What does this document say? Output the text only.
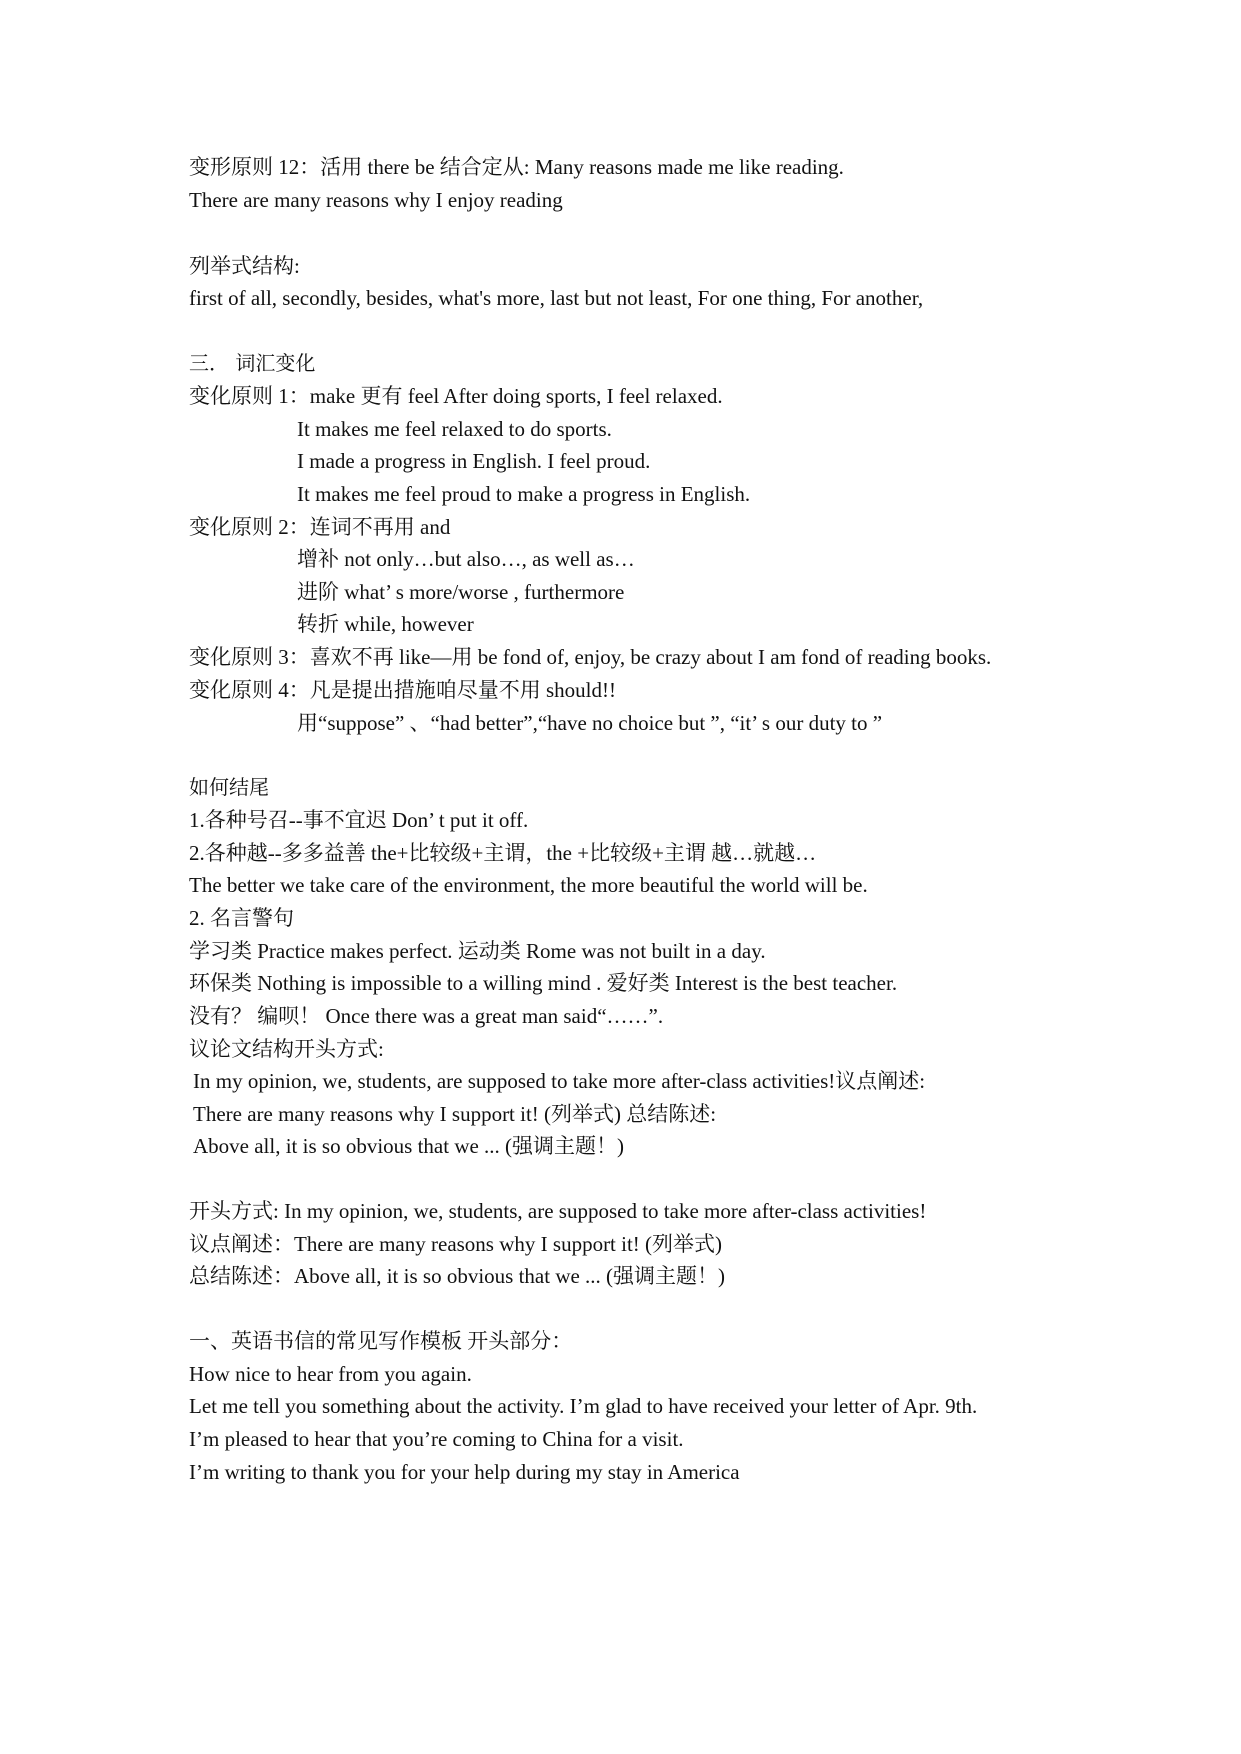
变形原则 12：活用 there be 结合定从: Many reasons made me like reading.
There are many reasons why I enjoy reading
列举式结构:
first of all, secondly, besides, what's more, last but not least, For one thing, For another,
三． 词汇变化
变化原则 1：make 更有 feel After doing sports, I feel relaxed.
It makes me feel relaxed to do sports.
I made a progress in English. I feel proud.
It makes me feel proud to make a progress in English.
变化原则 2：连词不再用 and
增补 not only…but also…, as well as…
进阶 what’ s more/worse , furthermore
转折 while, however
变化原则 3：喜欢不再 like—用 be fond of, enjoy, be crazy about I am fond of reading books.
变化原则 4：凡是提出措施咱尽量不用 should!!
用“suppose” 、“had better”,“have no choice but ”, “it’ s our duty to ”
如何结尾
1.各种号召--事不宜迟 Don’ t put it off.
2.各种越--多多益善 the+比较级+主谓，the +比较级+主谓 越…就越…
The better we take care of the environment, the more beautiful the world will be.
2. 名言警句
学习类 Practice makes perfect. 运动类 Rome was not built in a day.
环保类 Nothing is impossible to a willing mind . 爱好类 Interest is the best teacher.
没有？ 编呗！ Once there was a great man said“……”.
议论文结构开头方式:
In my opinion, we, students, are supposed to take more after-class activities!议点阐述:
There are many reasons why I support it! (列举式) 总结陈述:
Above all, it is so obvious that we ... (强调主题！)
开头方式: In my opinion, we, students, are supposed to take more after-class activities!
议点阐述：There are many reasons why I support it! (列举式)
总结陈述：Above all, it is so obvious that we ... (强调主题！)
一、英语书信的常见写作模板 开头部分：
How nice to hear from you again.
Let me tell you something about the activity. I’m glad to have received your letter of Apr. 9th.
I’m pleased to hear that you’re coming to China for a visit.
I’m writing to thank you for your help during my stay in America
